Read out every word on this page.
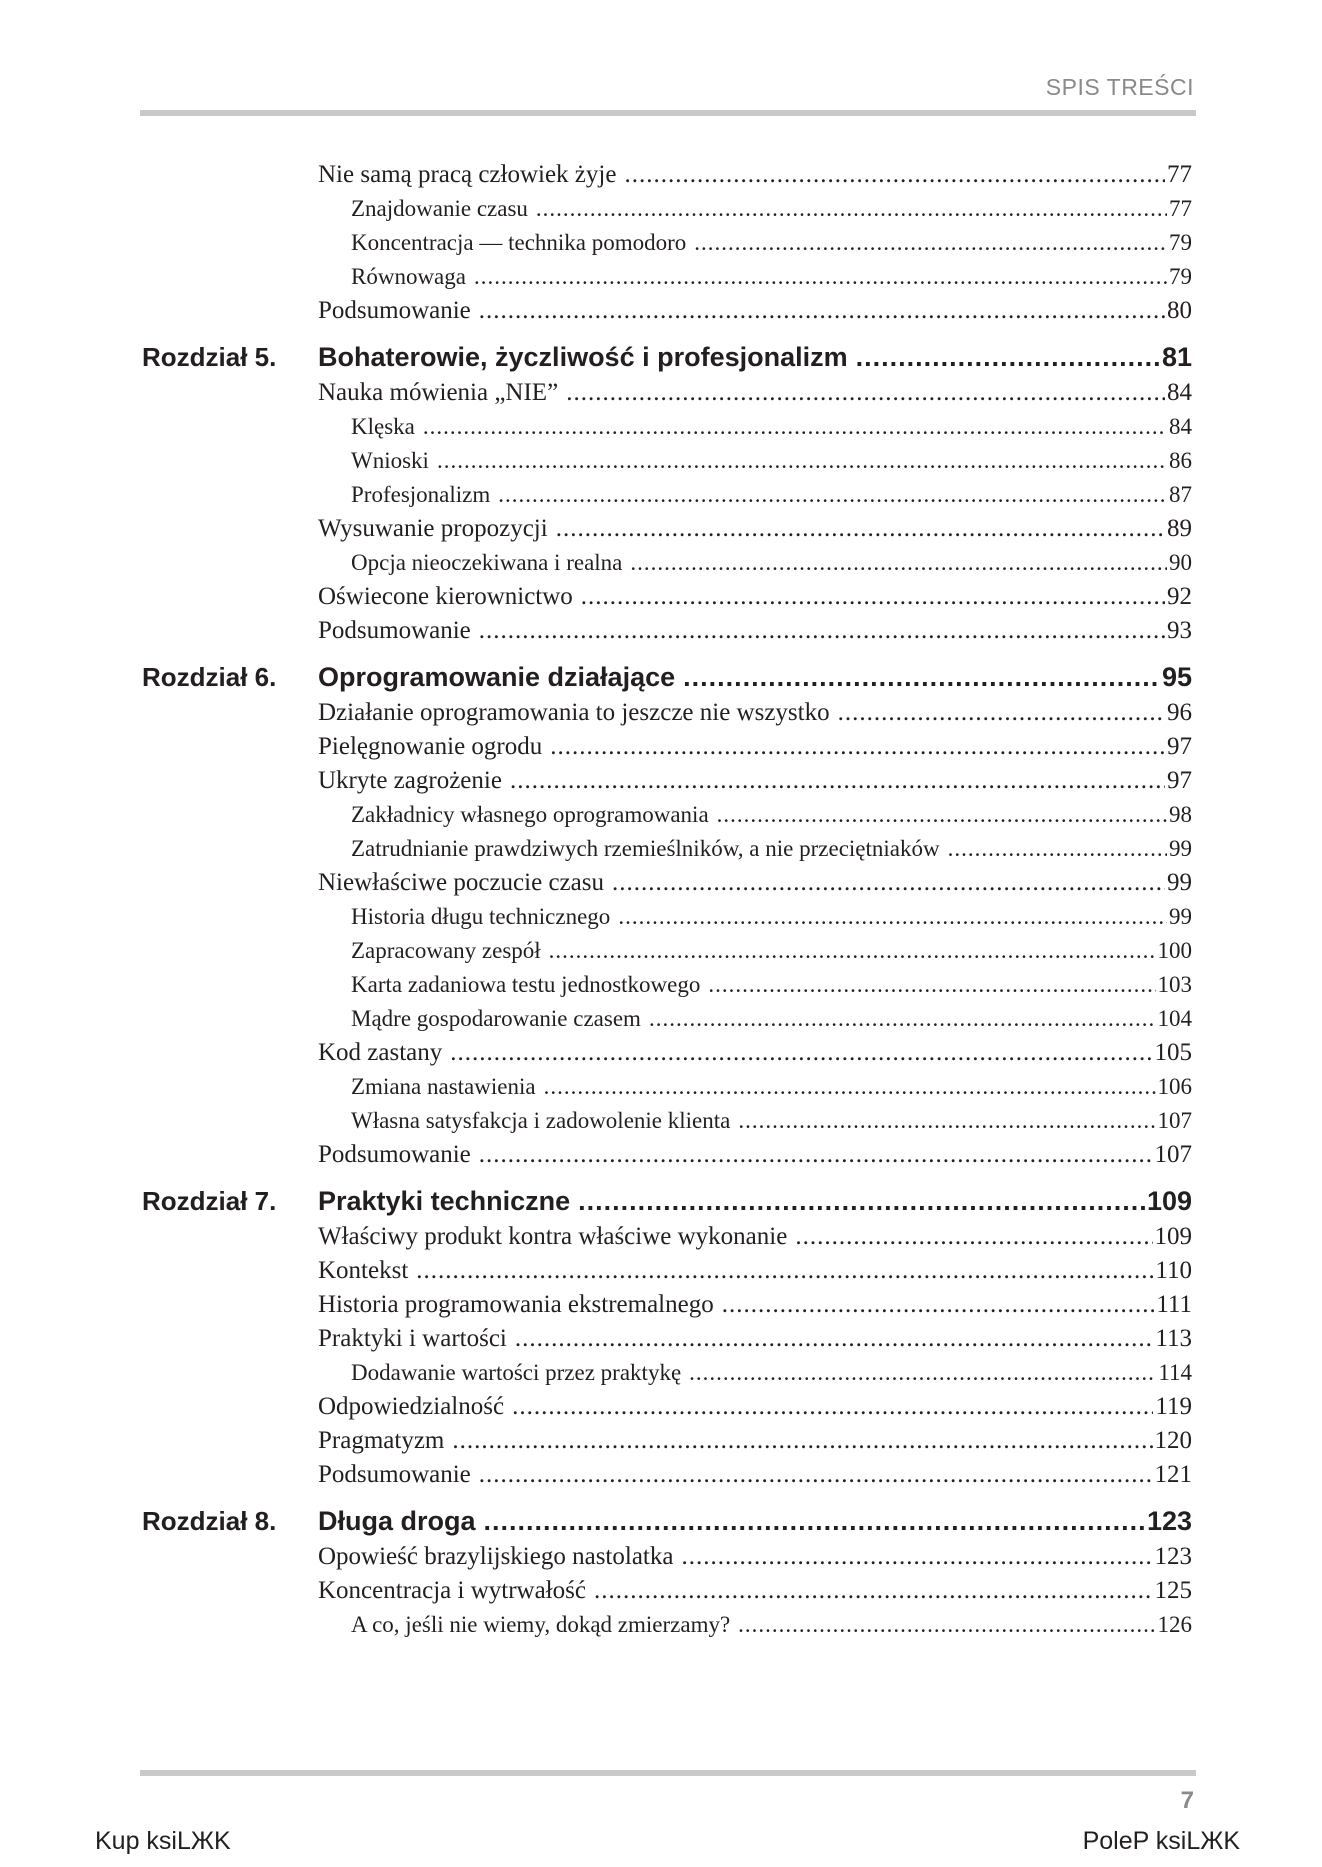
SPIS TREŚCI
Nie samą pracą człowiek żyje .....	77
Znajdowanie czasu .....	77
Koncentracja — technika pomodoro .....	79
Równowaga .....	79
Podsumowanie .....	80
Rozdział 5. Bohaterowie, życzliwość i profesjonalizm .....	81
Nauka mówienia „NIE” .....	84
Klęska .....	84
Wnioski .....	86
Profesjonalizm .....	87
Wysuwanie propozycji .....	89
Opcja nieoczekiwana i realna .....	90
Oświecone kierownictwo .....	92
Podsumowanie .....	93
Rozdział 6. Oprogramowanie działające .....	95
Działanie oprogramowania to jeszcze nie wszystko .....	96
Pielęgnowanie ogrodu .....	97
Ukryte zagrożenie .....	97
Zakładnicy własnego oprogramowania .....	98
Zatrudnianie prawdziwych rzemieślników, a nie przeciętniaków .....	99
Niewłaściwe poczucie czasu .....	99
Historia długu technicznego .....	99
Zapracowany zespół .....	100
Karta zadaniowa testu jednostkowego .....	103
Mądre gospodarowanie czasem .....	104
Kod zastany .....	105
Zmiana nastawienia .....	106
Własna satysfakcja i zadowolenie klienta .....	107
Podsumowanie .....	107
Rozdział 7. Praktyki techniczne .....	109
Właściwy produkt kontra właściwe wykonanie .....	109
Kontekst .....	110
Historia programowania ekstremalnego .....	111
Praktyki i wartości .....	113
Dodawanie wartości przez praktykę .....	114
Odpowiedzialność .....	119
Pragmatyzm .....	120
Podsumowanie .....	121
Rozdział 8. Długa droga .....	123
Opowieść brazylijskiego nastolatka .....	123
Koncentracja i wytrwałość .....	125
A co, jeśli nie wiemy, dokąd zmierzamy? .....	126
7
Kup ksiLЖK	PoleP ksiLЖK
